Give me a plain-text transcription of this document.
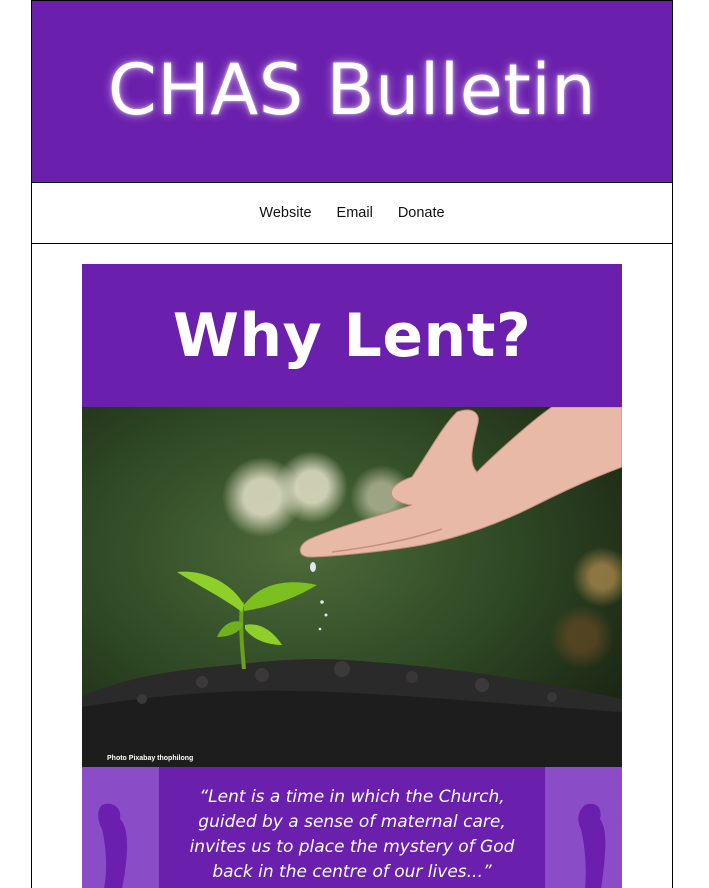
CHAS Bulletin
Website Email Donate
Why Lent?
Photo Pixabay thophilong

“Lent is a time in which the Church, guided by a sense of maternal care, invites us to place the mystery of God back in the centre of our lives...”
